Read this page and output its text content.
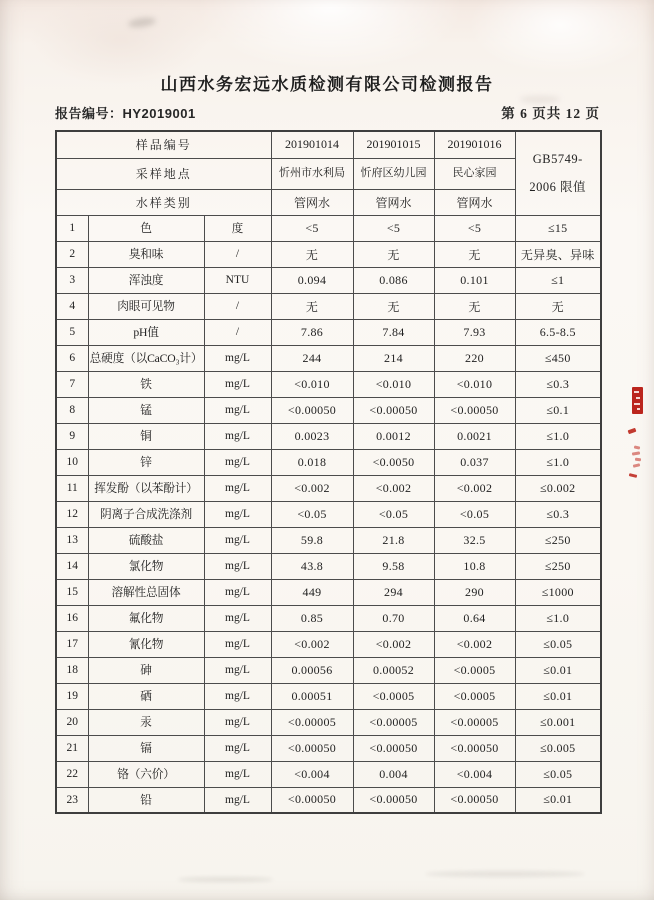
山西水务宏远水质检测有限公司检测报告
报告编号：HY2019001	第 6 页共 12 页
样品编号			201901014	201901015	201901016	GB5749-
2006 限值

采样地点			忻州市水利局	忻府区幼儿园	民心家园	
水样类别			管网水	管网水	管网水	
1	色	度	<5	<5	<5	≤15
2	臭和味	/	无	无	无	无异臭、异味
3	浑浊度	NTU	0.094	0.086	0.101	≤1
4	肉眼可见物	/	无	无	无	无
5	pH值	/	7.86	7.84	7.93	6.5-8.5
6	总硬度（以CaCO₃计）	mg/L	244	214	220	≤450
7	铁	mg/L	<0.010	<0.010	<0.010	≤0.3
8	锰	mg/L	<0.00050	<0.00050	<0.00050	≤0.1
9	铜	mg/L	0.0023	0.0012	0.0021	≤1.0
10	锌	mg/L	0.018	<0.0050	0.037	≤1.0
11	挥发酚（以苯酚计）	mg/L	<0.002	<0.002	<0.002	≤0.002
12	阴离子合成洗涤剂	mg/L	<0.05	<0.05	<0.05	≤0.3
13	硫酸盐	mg/L	59.8	21.8	32.5	≤250
14	氯化物	mg/L	43.8	9.58	10.8	≤250
15	溶解性总固体	mg/L	449	294	290	≤1000
16	氟化物	mg/L	0.85	0.70	0.64	≤1.0
17	氰化物	mg/L	<0.002	<0.002	<0.002	≤0.05
18	砷	mg/L	0.00056	0.00052	<0.0005	≤0.01
19	硒	mg/L	0.00051	<0.0005	<0.0005	≤0.01
20	汞	mg/L	<0.00005	<0.00005	<0.00005	≤0.001
21	镉	mg/L	<0.00050	<0.00050	<0.00050	≤0.005
22	铬（六价）	mg/L	<0.004	0.004	<0.004	≤0.05
23	铅	mg/L	<0.00050	<0.00050	<0.00050	≤0.01
